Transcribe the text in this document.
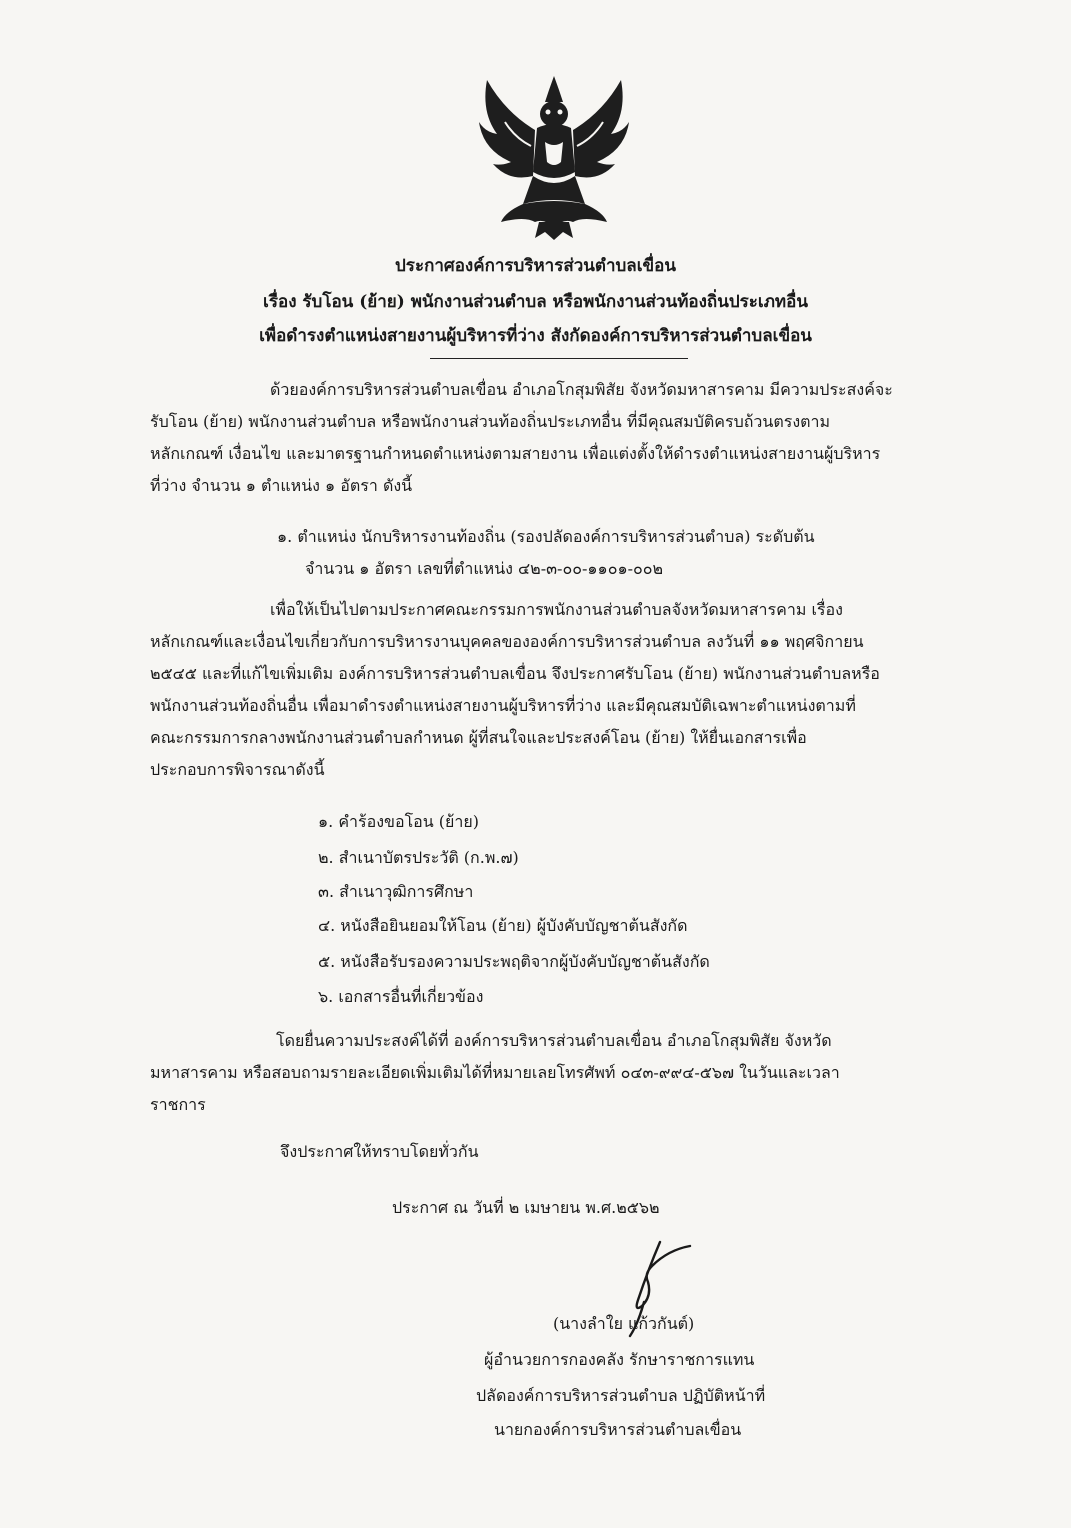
ประกาศองค์การบริหารส่วนตำบลเขื่อน
เรื่อง รับโอน (ย้าย) พนักงานส่วนตำบล หรือพนักงานส่วนท้องถิ่นประเภทอื่น
เพื่อดำรงตำแหน่งสายงานผู้บริหารที่ว่าง สังกัดองค์การบริหารส่วนตำบลเขื่อน
ด้วยองค์การบริหารส่วนตำบลเขื่อน อำเภอโกสุมพิสัย จังหวัดมหาสารคาม มีความประสงค์จะ
รับโอน (ย้าย) พนักงานส่วนตำบล หรือพนักงานส่วนท้องถิ่นประเภทอื่น ที่มีคุณสมบัติครบถ้วนตรงตาม
หลักเกณฑ์ เงื่อนไข และมาตรฐานกำหนดตำแหน่งตามสายงาน เพื่อแต่งตั้งให้ดำรงตำแหน่งสายงานผู้บริหาร
ที่ว่าง จำนวน ๑ ตำแหน่ง ๑ อัตรา ดังนี้
๑. ตำแหน่ง นักบริหารงานท้องถิ่น (รองปลัดองค์การบริหารส่วนตำบล) ระดับต้น
จำนวน ๑ อัตรา เลขที่ตำแหน่ง ๔๒-๓-๐๐-๑๑๐๑-๐๐๒
เพื่อให้เป็นไปตามประกาศคณะกรรมการพนักงานส่วนตำบลจังหวัดมหาสารคาม เรื่อง
หลักเกณฑ์และเงื่อนไขเกี่ยวกับการบริหารงานบุคคลขององค์การบริหารส่วนตำบล ลงวันที่ ๑๑ พฤศจิกายน
๒๕๔๕ และที่แก้ไขเพิ่มเติม องค์การบริหารส่วนตำบลเขื่อน จึงประกาศรับโอน (ย้าย) พนักงานส่วนตำบลหรือ
พนักงานส่วนท้องถิ่นอื่น เพื่อมาดำรงตำแหน่งสายงานผู้บริหารที่ว่าง และมีคุณสมบัติเฉพาะตำแหน่งตามที่
คณะกรรมการกลางพนักงานส่วนตำบลกำหนด ผู้ที่สนใจและประสงค์โอน (ย้าย) ให้ยื่นเอกสารเพื่อ
ประกอบการพิจารณาดังนี้
๑. คำร้องขอโอน (ย้าย)
๒. สำเนาบัตรประวัติ (ก.พ.๗)
๓. สำเนาวุฒิการศึกษา
๔. หนังสือยินยอมให้โอน (ย้าย) ผู้บังคับบัญชาต้นสังกัด
๕. หนังสือรับรองความประพฤติจากผู้บังคับบัญชาต้นสังกัด
๖. เอกสารอื่นที่เกี่ยวข้อง
โดยยื่นความประสงค์ได้ที่ องค์การบริหารส่วนตำบลเขื่อน อำเภอโกสุมพิสัย จังหวัด
มหาสารคาม หรือสอบถามรายละเอียดเพิ่มเติมได้ที่หมายเลยโทรศัพท์ ๐๔๓-๙๙๔-๕๖๗ ในวันและเวลา
ราชการ
จึงประกาศให้ทราบโดยทั่วกัน
ประกาศ ณ วันที่ ๒ เมษายน พ.ศ.๒๕๖๒
(นางลำใย แก้วกันต์)
ผู้อำนวยการกองคลัง รักษาราชการแทน
ปลัดองค์การบริหารส่วนตำบล ปฏิบัติหน้าที่
นายกองค์การบริหารส่วนตำบลเขื่อน
